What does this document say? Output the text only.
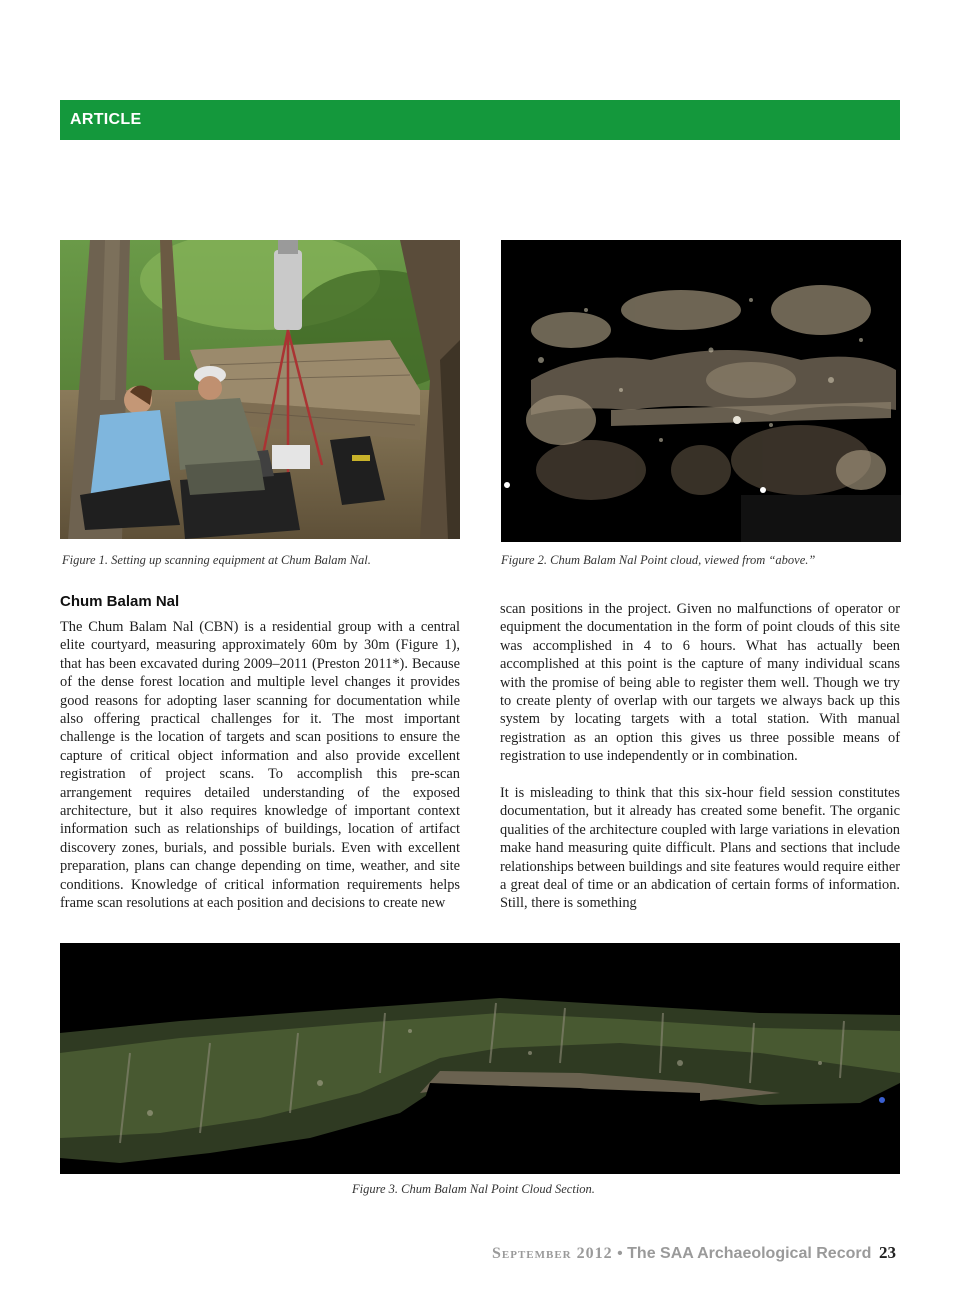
ARTICLE
Figure 1. Setting up scanning equipment at Chum Balam Nal.	Figure 2. Chum Balam Nal Point cloud, viewed from “above.”
Chum Balam Nal

The Chum Balam Nal (CBN) is a residential group with a central elite courtyard, measuring approximately 60m by 30m (Figure 1), that has been excavated during 2009–2011 (Preston 2011*). Because of the dense forest location and multiple level changes it provides good reasons for adopting laser scanning for documentation while also offering practical challenges for it. The most important challenge is the location of targets and scan positions to ensure the capture of critical object information and also provide excellent registration of project scans. To accomplish this pre-scan arrangement requires detailed understanding of the exposed architecture, but it also requires knowledge of important context information such as relationships of buildings, location of artifact discovery zones, burials, and possible burials. Even with excellent preparation, plans can change depending on time, weather, and site conditions. Knowledge of critical information requirements helps frame scan resolutions at each position and decisions to create new

scan positions in the project. Given no malfunctions of operator or equipment the documentation in the form of point clouds of this site was accomplished in 4 to 6 hours. What has actually been accomplished at this point is the capture of many individual scans with the promise of being able to register them well. Though we try to create plenty of overlap with our targets we always back up this system by locating targets with a total station. With manual registration as an option this gives us three possible means of registration to use independently or in combination.

It is misleading to think that this six-hour field session constitutes documentation, but it already has created some benefit. The organic qualities of the architecture coupled with large variations in elevation make hand measuring quite difficult. Plans and sections that include relationships between buildings and site features would require either a great deal of time or an abdication of certain forms of information. Still, there is something

Figure 3. Chum Balam Nal Point Cloud Section.
September 2012 • The SAA Archaeological Record 23
